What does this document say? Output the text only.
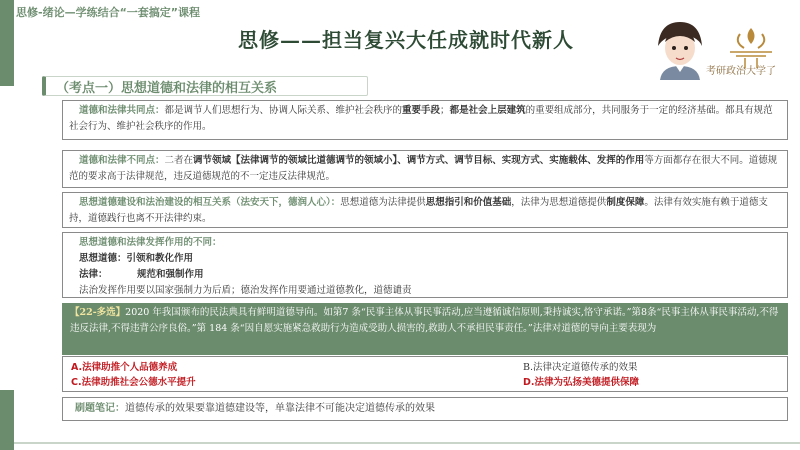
思修-绪论—学练结合“一套搞定”课程
思修——担当复兴大任成就时代新人
考研政治大学了
（考点一）思想道德和法律的相互关系
道德和法律共同点：都是调节人们思想行为、协调人际关系、维护社会秩序的重要手段；都是社会上层建筑的重要组成部分，共同服务于一定的经济基础。都具有规范社会行为、维护社会秩序的作用。
道德和法律不同点：二者在调节领域【法律调节的领域比道德调节的领域小】、调节方式、调节目标、实现方式、实施载体、发挥的作用等方面都存在很大不同。道德规范的要求高于法律规范，违反道德规范的不一定违反法律规范。
思想道德建设和法治建设的相互关系（法安天下，德润人心）：思想道德为法律提供思想指引和价值基础，法律为思想道德提供制度保障。法律有效实施有赖于道德支持，道德践行也离不开法律约束。
思想道德和法律发挥作用的不同：
思想道德：引领和教化作用
法律：	规范和强制作用
法治发挥作用要以国家强制力为后盾；德治发挥作用要通过道德教化，道德谴责
【22-多选】2020 年我国颁布的民法典具有鲜明道德导向。如第7 条“民事主体从事民事活动,应当遵循诚信原则,秉持诚实,恪守承诺。”第8条“民事主体从事民事活动,不得违反法律,不得违背公序良俗。”第 184 条“因自愿实施紧急救助行为造成受助人损害的,救助人不承担民事责任。”法律对道德的导向主要表现为
A.法律助推个人品德养成	B.法律决定道德传承的效果
C.法律助推社会公德水平提升	D.法律为弘扬美德提供保障
刷题笔记：道德传承的效果要靠道德建设等，单靠法律不可能决定道德传承的效果
